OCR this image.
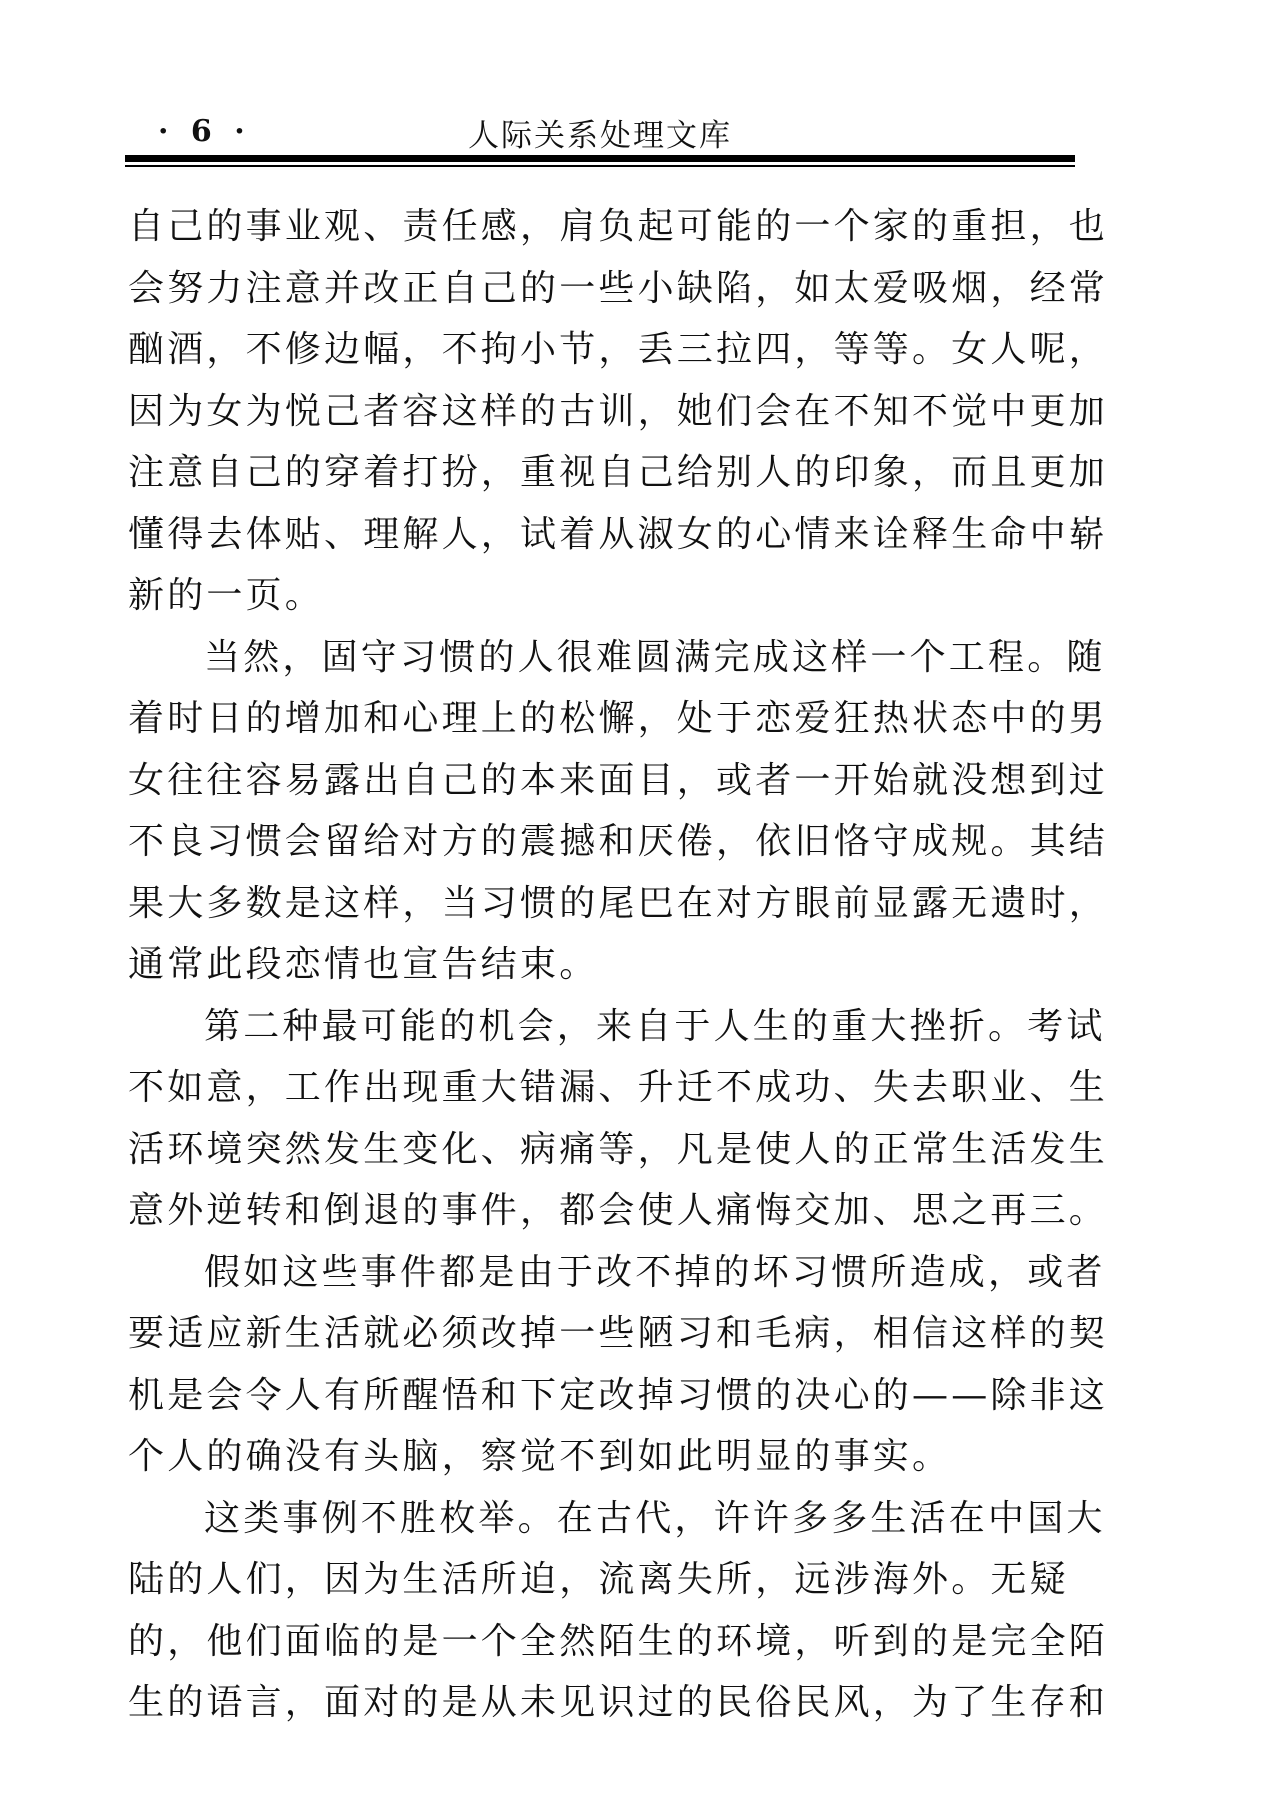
· 6 ·	人际关系处理文库
自己的事业观、责任感，肩负起可能的一个家的重担，也
会努力注意并改正自己的一些小缺陷，如太爱吸烟，经常
酗酒，不修边幅，不拘小节，丢三拉四，等等。女人呢，
因为女为悦己者容这样的古训，她们会在不知不觉中更加
注意自己的穿着打扮，重视自己给别人的印象，而且更加
懂得去体贴、理解人，试着从淑女的心情来诠释生命中崭
新的一页。
当然，固守习惯的人很难圆满完成这样一个工程。随
着时日的增加和心理上的松懈，处于恋爱狂热状态中的男
女往往容易露出自己的本来面目，或者一开始就没想到过
不良习惯会留给对方的震撼和厌倦，依旧恪守成规。其结
果大多数是这样，当习惯的尾巴在对方眼前显露无遗时，
通常此段恋情也宣告结束。
第二种最可能的机会，来自于人生的重大挫折。考试
不如意，工作出现重大错漏、升迁不成功、失去职业、生
活环境突然发生变化、病痛等，凡是使人的正常生活发生
意外逆转和倒退的事件，都会使人痛悔交加、思之再三。
假如这些事件都是由于改不掉的坏习惯所造成，或者
要适应新生活就必须改掉一些陋习和毛病，相信这样的契
机是会令人有所醒悟和下定改掉习惯的决心的——除非这
个人的确没有头脑，察觉不到如此明显的事实。
这类事例不胜枚举。在古代，许许多多生活在中国大
陆的人们，因为生活所迫，流离失所，远涉海外。无疑
的，他们面临的是一个全然陌生的环境，听到的是完全陌
生的语言，面对的是从未见识过的民俗民风，为了生存和
